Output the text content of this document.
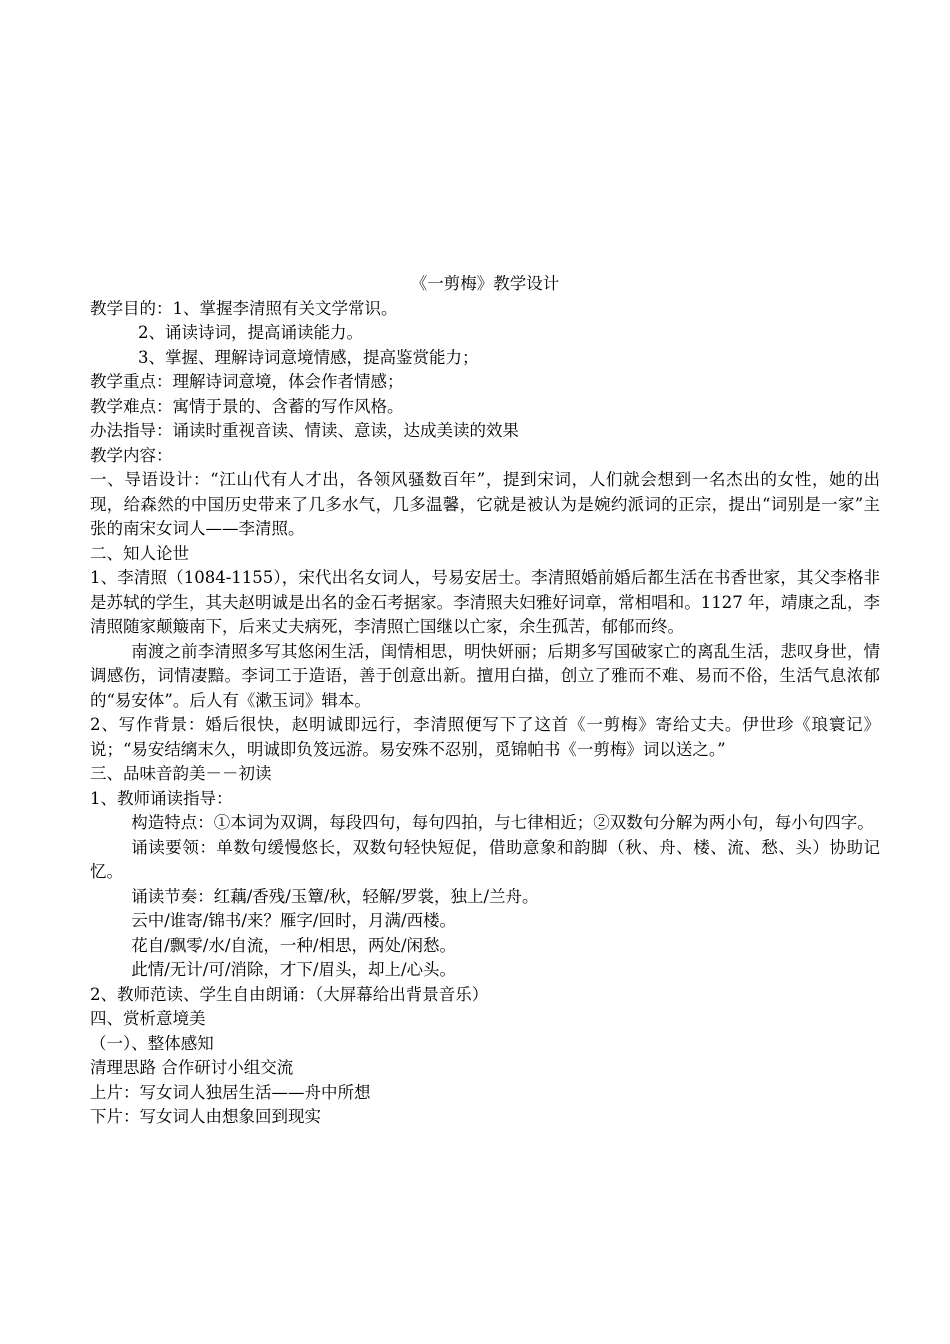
《一剪梅》教学设计

教学目的：1、掌握李清照有关文学常识。

2、诵读诗词，提高诵读能力。

3、掌握、理解诗词意境情感，提高鉴赏能力；

教学重点：理解诗词意境，体会作者情感；

教学难点：寓情于景的、含蓄的写作风格。

办法指导：诵读时重视音读、情读、意读，达成美读的效果

教学内容：

一、导语设计：“江山代有人才出，各领风骚数百年”，提到宋词，人们就会想到一名杰出的女性，她的出现，给森然的中国历史带来了几多水气，几多温馨，它就是被认为是婉约派词的正宗，提出“词别是一家”主张的南宋女词人——李清照。

二、知人论世

1、李清照（1084-1155），宋代出名女词人，号易安居士。李清照婚前婚后都生活在书香世家，其父李格非是苏轼的学生，其夫赵明诚是出名的金石考据家。李清照夫妇雅好词章，常相唱和。1127 年，靖康之乱，李清照随家颠簸南下，后来丈夫病死，李清照亡国继以亡家，余生孤苦，郁郁而终。

南渡之前李清照多写其悠闲生活，闺情相思，明快妍丽；后期多写国破家亡的离乱生活，悲叹身世，情调感伤，词情凄黯。李词工于造语，善于创意出新。擅用白描，创立了雅而不难、易而不俗，生活气息浓郁的“易安体”。后人有《漱玉词》辑本。

2、写作背景：婚后很快，赵明诚即远行，李清照便写下了这首《一剪梅》寄给丈夫。伊世珍《琅寰记》说；“易安结缡末久，明诚即负笈远游。易安殊不忍别，觅锦帕书《一剪梅》词以送之。”

三、品味音韵美－－初读

1、教师诵读指导：

构造特点：①本词为双调，每段四句，每句四拍，与七律相近；②双数句分解为两小句，每小句四字。

诵读要领：单数句缓慢悠长，双数句轻快短促，借助意象和韵脚（秋、舟、楼、流、愁、头）协助记忆。

诵读节奏：红藕/香残/玉簟/秋，轻解/罗裳，独上/兰舟。

云中/谁寄/锦书/来？雁字/回时，月满/西楼。

花自/飘零/水/自流，一种/相思，两处/闲愁。

此情/无计/可/消除，才下/眉头，却上/心头。

2、教师范读、学生自由朗诵：（大屏幕给出背景音乐）

四、赏析意境美

（一）、整体感知

清理思路 合作研讨小组交流

上片：写女词人独居生活——舟中所想

下片：写女词人由想象回到现实
